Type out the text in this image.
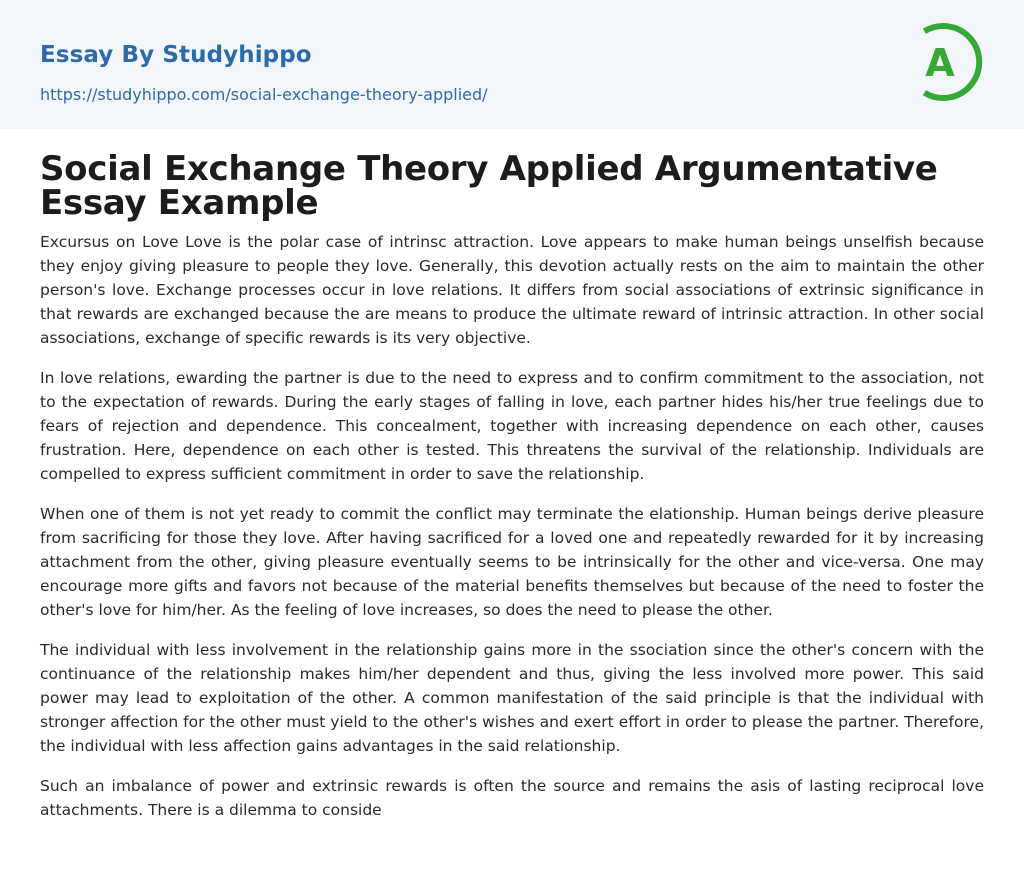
Essay By Studyhippo
https://studyhippo.com/social-exchange-theory-applied/
A
Social Exchange Theory Applied Argumentative Essay Example

Excursus on Love Love is the polar case of intrinsc attraction. Love appears to make human beings unselfish because they enjoy giving pleasure to people they love. Generally, this devotion actually rests on the aim to maintain the other person's love. Exchange processes occur in love relations. It differs from social associations of extrinsic significance in that rewards are exchanged because the are means to produce the ultimate reward of intrinsic attraction. In other social associations, exchange of specific rewards is its very objective.

In love relations, ewarding the partner is due to the need to express and to confirm commitment to the association, not to the expectation of rewards. During the early stages of falling in love, each partner hides his/her true feelings due to fears of rejection and dependence. This concealment, together with increasing dependence on each other, causes frustration. Here, dependence on each other is tested. This threatens the survival of the relationship. Individuals are compelled to express sufficient commitment in order to save the relationship.

When one of them is not yet ready to commit the conflict may terminate the elationship. Human beings derive pleasure from sacrificing for those they love. After having sacrificed for a loved one and repeatedly rewarded for it by increasing attachment from the other, giving pleasure eventually seems to be intrinsically for the other and vice-versa. One may encourage more gifts and favors not because of the material benefits themselves but because of the need to foster the other's love for him/her. As the feeling of love increases, so does the need to please the other.

The individual with less involvement in the relationship gains more in the ssociation since the other's concern with the continuance of the relationship makes him/her dependent and thus, giving the less involved more power. This said power may lead to exploitation of the other. A common manifestation of the said principle is that the individual with stronger affection for the other must yield to the other's wishes and exert effort in order to please the partner. Therefore, the individual with less affection gains advantages in the said relationship.

Such an imbalance of power and extrinsic rewards is often the source and remains the asis of lasting reciprocal love attachments. There is a dilemma to conside
